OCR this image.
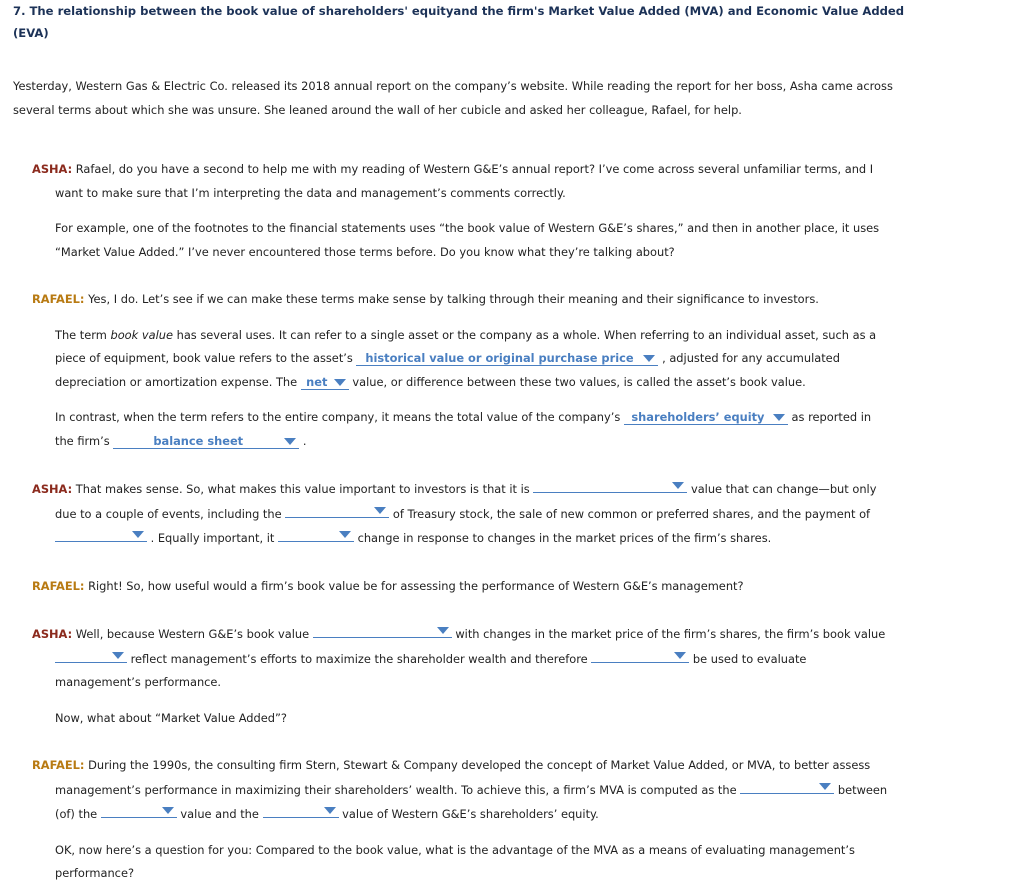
7. The relationship between the book value of shareholders' equityand the firm's Market Value Added (MVA) and Economic Value Added (EVA)
Yesterday, Western Gas & Electric Co. released its 2018 annual report on the company’s website. While reading the report for her boss, Asha came across
several terms about which she was unsure. She leaned around the wall of her cubicle and asked her colleague, Rafael, for help.
ASHA: Rafael, do you have a second to help me with my reading of Western G&E’s annual report? I’ve come across several unfamiliar terms, and I
want to make sure that I’m interpreting the data and management’s comments correctly.
For example, one of the footnotes to the financial statements uses “the book value of Western G&E’s shares,” and then in another place, it uses
“Market Value Added.” I’ve never encountered those terms before. Do you know what they’re talking about?
RAFAEL: Yes, I do. Let’s see if we can make these terms make sense by talking through their meaning and their significance to investors.
The term book value has several uses. It can refer to a single asset or the company as a whole. When referring to an individual asset, such as a
piece of equipment, book value refers to the asset’s historical value or original purchase price
, adjusted for any accumulated
depreciation or amortization expense. The net
value, or difference between these two values, is called the asset’s book value.
In contrast, when the term refers to the entire company, it means the total value of the company’s shareholders’ equity
as reported in
the firm’s	balance sheet	.
ASHA: That makes sense. So, what makes this value important to investors is that it is	value that can change—but only
due to a couple of events, including the	of Treasury stock, the sale of new common or preferred shares, and the payment of
. Equally important, it	change in response to changes in the market prices of the firm’s shares.
RAFAEL: Right! So, how useful would a firm’s book value be for assessing the performance of Western G&E’s management?
ASHA: Well, because Western G&E’s book value	with changes in the market price of the firm’s shares, the firm’s book value
reflect management’s efforts to maximize the shareholder wealth and therefore	be used to evaluate
management’s performance.
Now, what about “Market Value Added”?
RAFAEL: During the 1990s, the consulting firm Stern, Stewart & Company developed the concept of Market Value Added, or MVA, to better assess
management’s performance in maximizing their shareholders’ wealth. To achieve this, a firm’s MVA is computed as the	between
(of) the	value and the	value of Western G&E’s shareholders’ equity.
OK, now here’s a question for you: Compared to the book value, what is the advantage of the MVA as a means of evaluating management’s
performance?
